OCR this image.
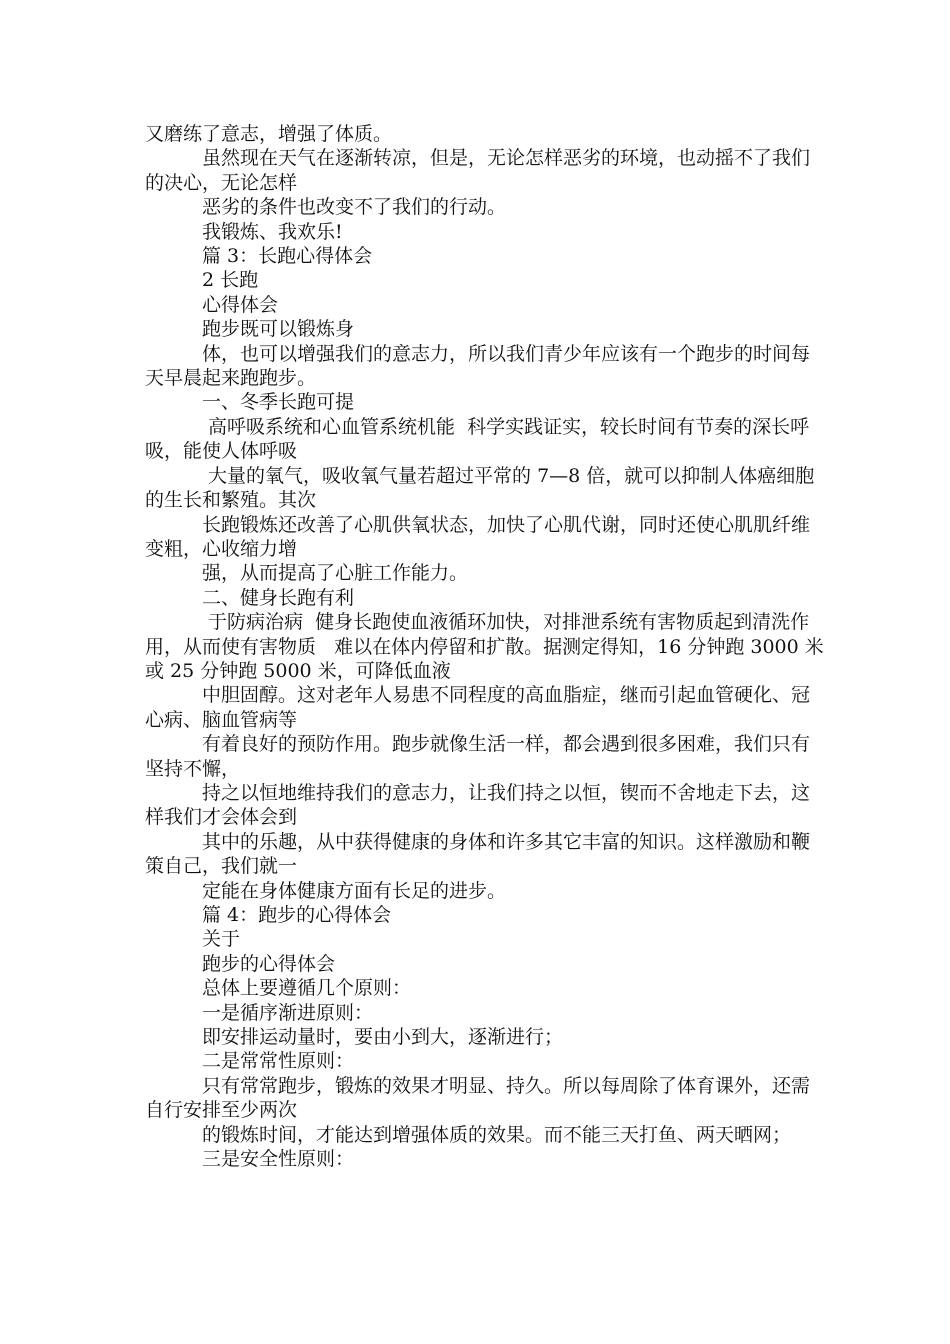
又磨练了意志，增强了体质。

虽然现在天气在逐渐转凉，但是，无论怎样恶劣的环境，也动摇不了我们的决心，无论怎样

恶劣的条件也改变不了我们的行动。

我锻炼、我欢乐!

篇 3：长跑心得体会

2 长跑

心得体会

跑步既可以锻炼身

体，也可以增强我们的意志力，所以我们青少年应该有一个跑步的时间每天早晨起来跑跑步。

一、冬季长跑可提

高呼吸系统和心血管系统机能  科学实践证实，较长时间有节奏的深长呼吸，能使人体呼吸

大量的氧气，吸收氧气量若超过平常的 7—8 倍，就可以抑制人体癌细胞的生长和繁殖。其次

长跑锻炼还改善了心肌供氧状态，加快了心肌代谢，同时还使心肌肌纤维变粗，心收缩力增

强，从而提高了心脏工作能力。

二、健身长跑有利

于防病治病  健身长跑使血液循环加快，对排泄系统有害物质起到清洗作用，从而使有害物质   难以在体内停留和扩散。据测定得知，16 分钟跑 3000 米或 25 分钟跑 5000 米，可降低血液

中胆固醇。这对老年人易患不同程度的高血脂症，继而引起血管硬化、冠心病、脑血管病等

有着良好的预防作用。跑步就像生活一样，都会遇到很多困难，我们只有坚持不懈，

持之以恒地维持我们的意志力，让我们持之以恒，锲而不舍地走下去，这样我们才会体会到

其中的乐趣，从中获得健康的身体和许多其它丰富的知识。这样激励和鞭策自己，我们就一

定能在身体健康方面有长足的进步。

篇 4：跑步的心得体会

关于

跑步的心得体会

总体上要遵循几个原则：

一是循序渐进原则：

即安排运动量时，要由小到大，逐渐进行；

二是常常性原则：

只有常常跑步，锻炼的效果才明显、持久。所以每周除了体育课外，还需自行安排至少两次

的锻炼时间，才能达到增强体质的效果。而不能三天打鱼、两天晒网；

三是安全性原则：
